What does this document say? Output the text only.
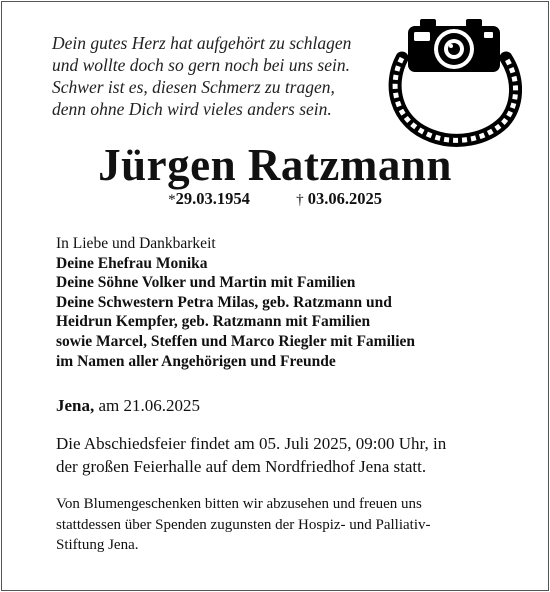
Dein gutes Herz hat aufgehört zu schlagen
und wollte doch so gern noch bei uns sein.
Schwer ist es, diesen Schmerz zu tragen,
denn ohne Dich wird vieles anders sein.
Jürgen Ratzmann
*29.03.1954	† 03.06.2025
In Liebe und Dankbarkeit
Deine Ehefrau Monika
Deine Söhne Volker und Martin mit Familien
Deine Schwestern Petra Milas, geb. Ratzmann und
Heidrun Kempfer, geb. Ratzmann mit Familien
sowie Marcel, Steffen und Marco Riegler mit Familien
im Namen aller Angehörigen und Freunde
Jena, am 21.06.2025
Die Abschiedsfeier findet am 05. Juli 2025, 09:00 Uhr, in
der großen Feierhalle auf dem Nordfriedhof Jena statt.
Von Blumengeschenken bitten wir abzusehen und freuen uns
stattdessen über Spenden zugunsten der Hospiz- und Palliativ-
Stiftung Jena.
